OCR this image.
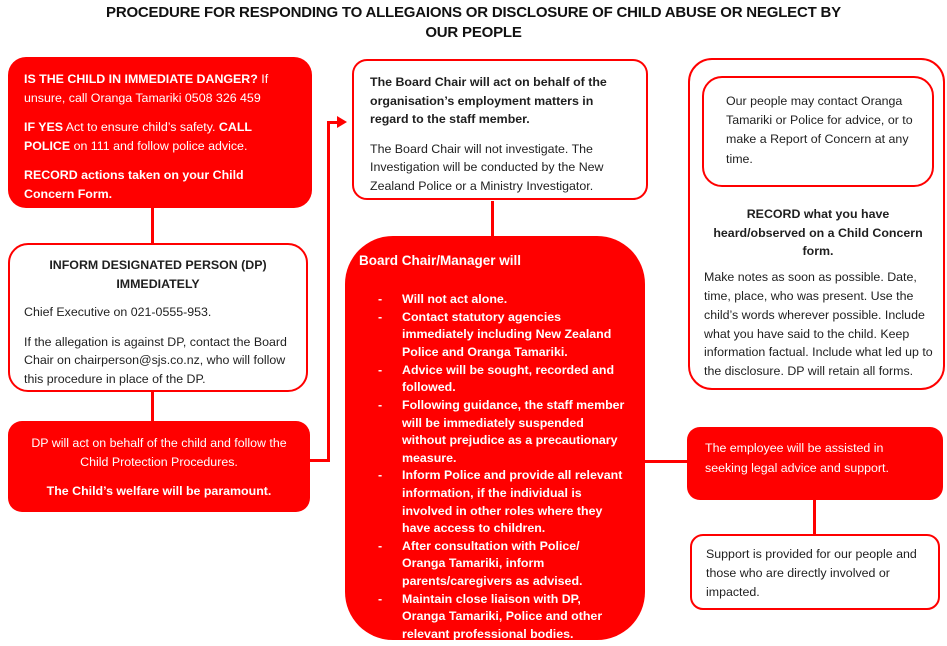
PROCEDURE FOR RESPONDING TO ALLEGAIONS OR DISCLOSURE OF CHILD ABUSE OR NEGLECT BY
OUR PEOPLE

IS THE CHILD IN IMMEDIATE DANGER? If unsure, call Oranga Tamariki 0508 326 459

IF YES Act to ensure child’s safety. CALL POLICE on 111 and follow police advice.

RECORD actions taken on your Child Concern Form.

INFORM DESIGNATED PERSON (DP) IMMEDIATELY

Chief Executive on 021-0555-953.

If the allegation is against DP, contact the Board Chair on chairperson@sjs.co.nz, who will follow this procedure in place of the DP.

DP will act on behalf of the child and follow the Child Protection Procedures.

The Child’s welfare will be paramount.

The Board Chair will act on behalf of the organisation’s employment matters in regard to the staff member.

The Board Chair will not investigate. The Investigation will be conducted by the New Zealand Police or a Ministry Investigator.

Board Chair/Manager will
-	Will not act alone.
-	Contact statutory agencies immediately including New Zealand Police and Oranga Tamariki.
-	Advice will be sought, recorded and followed.
-	Following guidance, the staff member will be immediately suspended without prejudice as a precautionary measure.
-	Inform Police and provide all relevant information, if the individual is involved in other roles where they have access to children.
-	After consultation with Police/ Oranga Tamariki, inform parents/caregivers as advised.
-	Maintain close liaison with DP, Oranga Tamariki, Police and other relevant professional bodies.
Our people may contact Oranga Tamariki or Police for advice, or to make a Report of Concern at any time.
RECORD what you have heard/observed on a Child Concern form.
Make notes as soon as possible. Date, time, place, who was present. Use the child’s words wherever possible. Include what you have said to the child. Keep information factual. Include what led up to the disclosure. DP will retain all forms.
The employee will be assisted in seeking legal advice and support.
Support is provided for our people and those who are directly involved or impacted.
